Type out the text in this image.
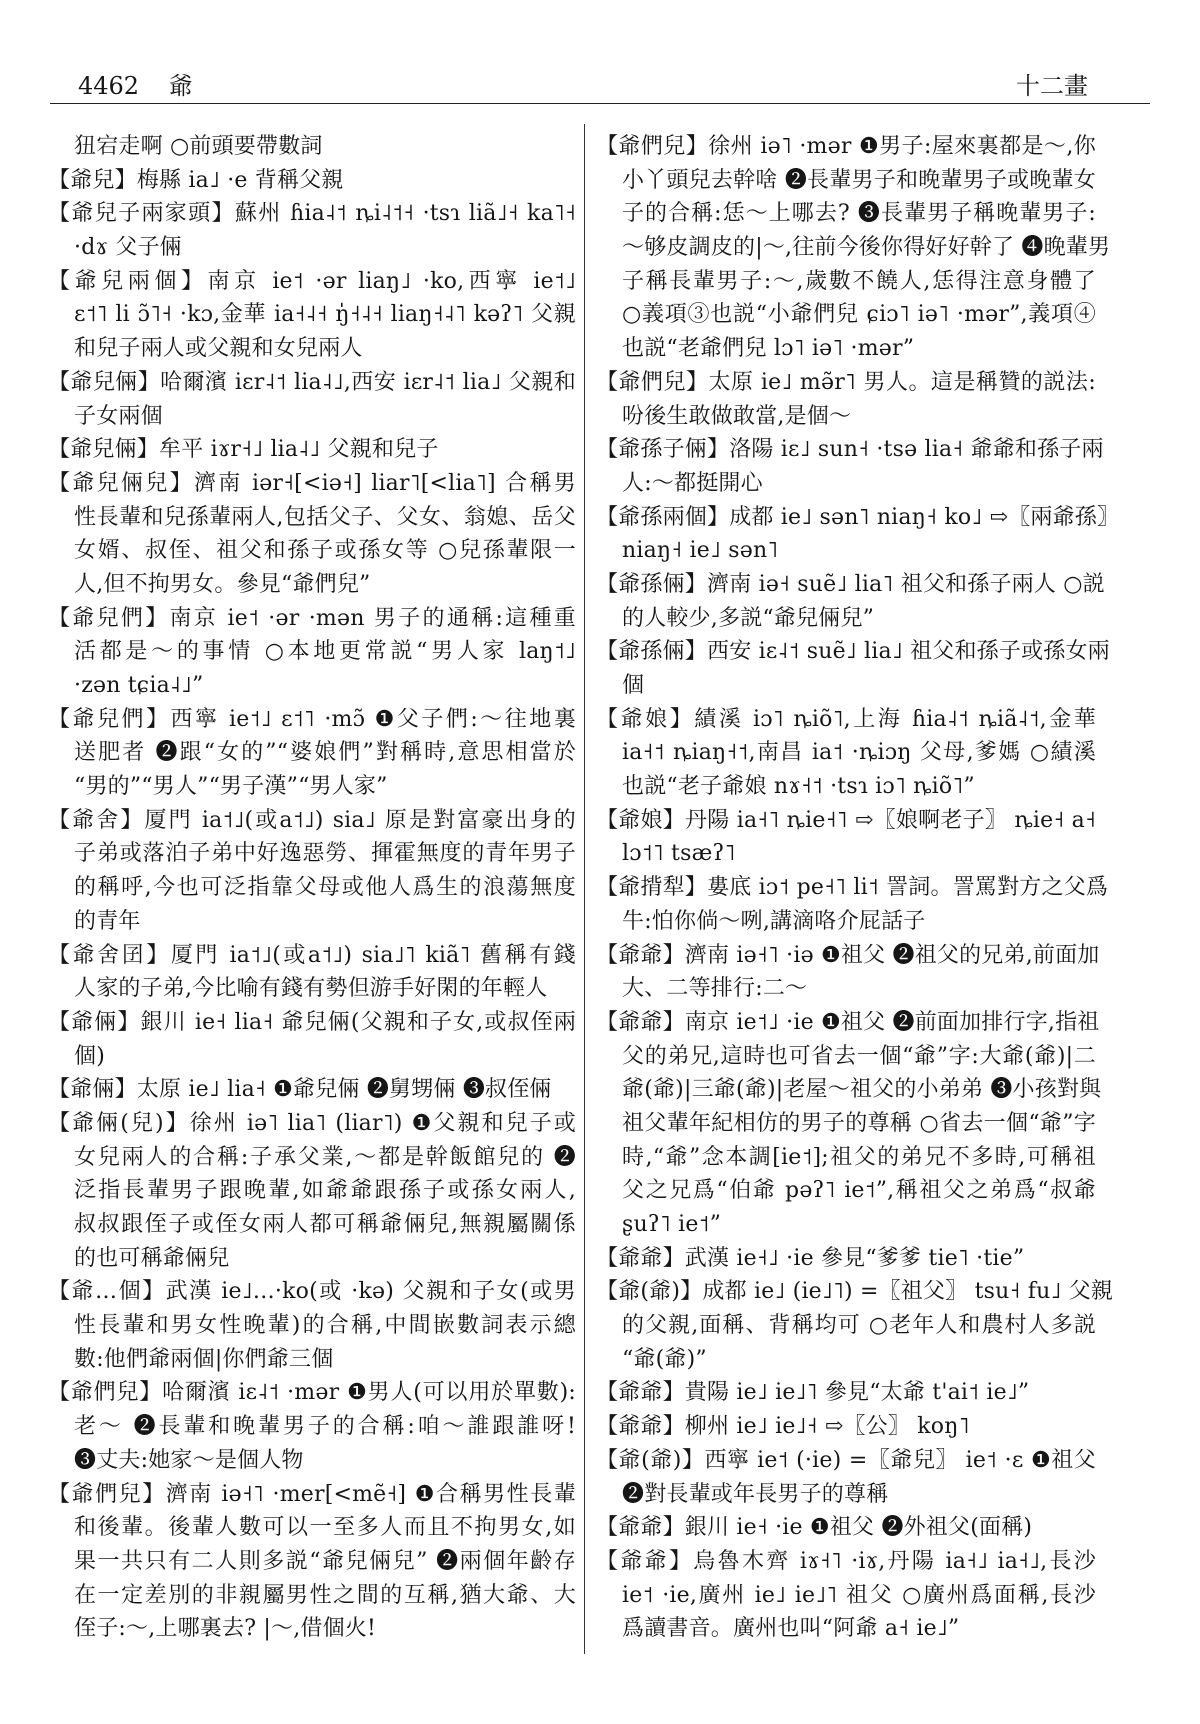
4462 爺	十二畫
狃宕走啊 ○前頭要帶數詞
【爺兒】梅縣 ia˩ ·e 背稱父親
【爺兒子兩家頭】蘇州 ɦia˨˦ ȵi˨˦˧ ·tsɿ liã˩˧ ka˥˧
·dɤ 父子倆
【爺兒兩個】南京 ie˦ ·ər liaŋ˩ ·ko,西寧 ie˦˩
ɛ˦˥ li ɔ̃˥˧ ·kɔ,金華 ia˧˨˧ ŋ̍˧˨˧ liaŋ˧˨˥ kəʔ˥ 父親
和兒子兩人或父親和女兒兩人
【爺兒倆】哈爾濱 iɛr˨˦ lia˨˩,西安 iɛr˨˦ lia˩ 父親和
子女兩個
【爺兒倆】牟平 iɤr˧˩ lia˨˩ 父親和兒子
【爺兒倆兒】濟南 iər˧[<iə˧] liar˥[<lia˥] 合稱男
性長輩和兒孫輩兩人,包括父子、父女、翁媳、岳父
女婿、叔侄、祖父和孫子或孫女等 ○兒孫輩限一
人,但不拘男女。參見“爺們兒”
【爺兒們】南京 ie˦ ·ər ·mən 男子的通稱:這種重
活都是～的事情 ○本地更常説“男人家 laŋ˦˩
·zən tɕia˨˩”
【爺兒們】西寧 ie˦˩ ɛ˦˥ ·mɔ̃ ❶父子們:～往地裏
送肥者 ❷跟“女的”“婆娘們”對稱時,意思相當於
“男的”“男人”“男子漢”“男人家”
【爺舍】厦門 ia˦˩(或a˦˩) sia˩ 原是對富豪出身的
子弟或落泊子弟中好逸惡勞、揮霍無度的青年男子
的稱呼,今也可泛指靠父母或他人爲生的浪蕩無度
的青年
【爺舍囝】厦門 ia˦˩(或a˦˩) sia˩˥ kiã˥ 舊稱有錢
人家的子弟,今比喻有錢有勢但游手好閑的年輕人
【爺倆】銀川 ie˧ lia˧ 爺兒倆(父親和子女,或叔侄兩
個)
【爺倆】太原 ie˩ lia˧ ❶爺兒倆 ❷舅甥倆 ❸叔侄倆
【爺倆(兒)】徐州 iə˥ lia˥ (liar˥) ❶父親和兒子或
女兒兩人的合稱:子承父業,～都是幹飯館兒的 ❷
泛指長輩男子跟晚輩,如爺爺跟孫子或孫女兩人,
叔叔跟侄子或侄女兩人都可稱爺倆兒,無親屬關係
的也可稱爺倆兒
【爺…個】武漢 ie˩…·ko(或 ·kə) 父親和子女(或男
性長輩和男女性晚輩)的合稱,中間嵌數詞表示總
數:他們爺兩個|你們爺三個
【爺們兒】哈爾濱 iɛ˨˦ ·mər ❶男人(可以用於單數):
老～ ❷長輩和晚輩男子的合稱:咱～誰跟誰呀!
❸丈夫:她家～是個人物
【爺們兒】濟南 iə˧˥ ·mer[<mẽ˧] ❶合稱男性長輩
和後輩。後輩人數可以一至多人而且不拘男女,如
果一共只有二人則多説“爺兒倆兒” ❷兩個年齡存
在一定差別的非親屬男性之間的互稱,猶大爺、大
侄子:～,上哪裏去? |～,借個火!
【爺們兒】徐州 iə˥ ·mər ❶男子:屋來裏都是～,你
小丫頭兒去幹啥 ❷長輩男子和晚輩男子或晚輩女
子的合稱:恁～上哪去? ❸長輩男子稱晚輩男子:
～够皮調皮的|～,往前今後你得好好幹了 ❹晚輩男
子稱長輩男子:～,歲數不饒人,恁得注意身體了
○義項③也説“小爺們兒 ɕiɔ˥ iə˥ ·mər”,義項④
也説“老爺們兒 lɔ˥ iə˥ ·mər”
【爺們兒】太原 ie˩ mə̃r˥ 男人。這是稱贊的説法:
吩後生敢做敢當,是個～
【爺孫子倆】洛陽 iɛ˩ sun˧ ·tsə lia˧ 爺爺和孫子兩
人:～都挺開心
【爺孫兩個】成都 ie˩ sən˥ niaŋ˧ ko˩ ⇨〖兩爺孫〗
niaŋ˧ ie˩ sən˥
【爺孫倆】濟南 iə˧ suẽ˩ lia˥ 祖父和孫子兩人 ○説
的人較少,多説“爺兒倆兒”
【爺孫倆】西安 iɛ˨˦ suẽ˩ lia˩ 祖父和孫子或孫女兩
個
【爺娘】績溪 iɔ˥ ȵiõ˥,上海 ɦia˨˦ ȵiã˨˦,金華
ia˧˦ ȵiaŋ˧˦,南昌 ia˦ ·ȵiɔŋ 父母,爹媽 ○績溪
也説“老子爺娘 nɤ˧˦ ·tsɿ iɔ˥ ȵiõ˥”
【爺娘】丹陽 ia˧˥ ȵie˧˥ ⇨〖娘啊老子〗 ȵie˧ a˧
lɔ˦˥ tsæʔ˥
【爺揹犁】婁底 iɔ˦ pe˧˥ li˦ 詈詞。詈罵對方之父爲
牛:怕你倘～咧,講滴咯介屁話子
【爺爺】濟南 iə˧˥ ·iə ❶祖父 ❷祖父的兄弟,前面加
大、二等排行:二～
【爺爺】南京 ie˦˩ ·ie ❶祖父 ❷前面加排行字,指祖
父的弟兄,這時也可省去一個“爺”字:大爺(爺)|二
爺(爺)|三爺(爺)|老屋～祖父的小弟弟 ❸小孩對與
祖父輩年紀相仿的男子的尊稱 ○省去一個“爺”字
時,“爺”念本調[ie˦];祖父的弟兄不多時,可稱祖
父之兄爲“伯爺 pəʔ˥ ie˦”,稱祖父之弟爲“叔爺
ʂuʔ˥ ie˦”
【爺爺】武漢 ie˧˩ ·ie 參見“爹爹 tie˥ ·tie”
【爺(爺)】成都 ie˩ (ie˩˥) =〖祖父〗 tsu˧ fu˩ 父親
的父親,面稱、背稱均可 ○老年人和農村人多説
“爺(爺)”
【爺爺】貴陽 ie˩ ie˩˥ 參見“太爺 t'ai˦ ie˩”
【爺爺】柳州 ie˩ ie˩˧ ⇨〖公〗 koŋ˥
【爺(爺)】西寧 ie˦ (·ie) =〖爺兒〗 ie˦ ·ɛ ❶祖父
❷對長輩或年長男子的尊稱
【爺爺】銀川 ie˧ ·ie ❶祖父 ❷外祖父(面稱)
【爺爺】烏魯木齊 iɤ˧˥ ·iɤ,丹陽 ia˧˩ ia˧˩,長沙
ie˦ ·ie,廣州 ie˩ ie˩˥ 祖父 ○廣州爲面稱,長沙
爲讀書音。廣州也叫“阿爺 a˧ ie˩”
